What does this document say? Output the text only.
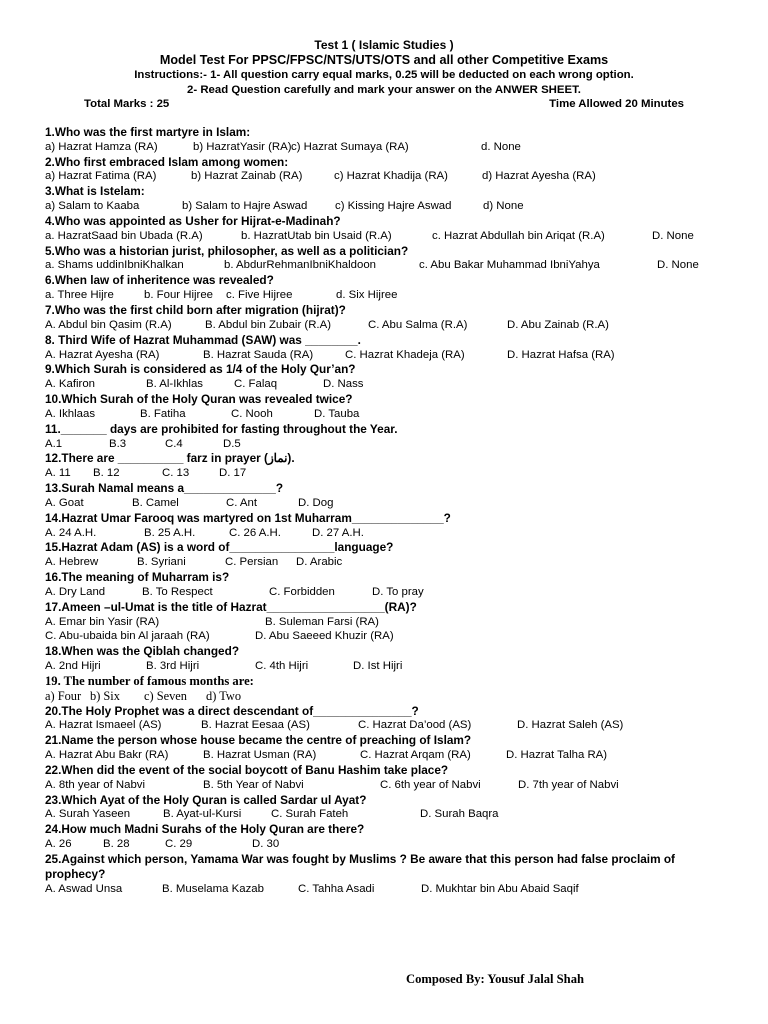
Test 1 ( Islamic Studies )
Model Test For PPSC/FPSC/NTS/UTS/OTS and all other Competitive Exams
Instructions:- 1- All question carry equal marks, 0.25 will be deducted on each wrong option.
2- Read Question carefully and mark your answer on the ANWER SHEET.
Total Marks : 25	Time Allowed 20 Minutes
1.Who was the first martyre in Islam:
a) Hazrat Hamza (RA)	b) HazratYasir (RA) c) Hazrat Sumaya (RA)	d. None
2.Who first embraced Islam among women:
a) Hazrat Fatima (RA)	b) Hazrat Zainab (RA)	c) Hazrat Khadija (RA)	d) Hazrat Ayesha (RA)
3.What is Istelam:
a) Salam to Kaaba	b) Salam to Hajre Aswad c) Kissing Hajre Aswad	d) None
4.Who was appointed as Usher for Hijrat-e-Madinah?
a. HazratSaad bin Ubada (R.A)	b. HazratUtab bin Usaid (R.A)	c. Hazrat Abdullah bin Ariqat (R.A)	D. None
5.Who was a historian jurist, philosopher, as well as a politician?
a. Shams uddinIbniKhalkan	b. AbdurRehmanIbniKhaldoon	c. Abu Bakar Muhammad IbniYahya	D. None
6.When law of inheritence was revealed?
a. Three Hijre	b. Four Hijree c. Five Hijree	d. Six Hijree
7.Who was the first child born after migration (hijrat)?
A. Abdul bin Qasim (R.A)	B. Abdul bin Zubair (R.A)	C. Abu Salma (R.A)	D. Abu Zainab (R.A)
8. Third Wife of Hazrat Muhammad (SAW) was ________.
A. Hazrat Ayesha (RA)	B. Hazrat Sauda (RA)	C. Hazrat Khadeja (RA)	D. Hazrat Hafsa (RA)
9.Which Surah is considered as 1/4 of the Holy Qur’an?
A. Kafiron	B. Al-Ikhlas	C. Falaq	D. Nass
10.Which Surah of the Holy Quran was revealed twice?
A. Ikhlaas	B. Fatiha	C. Nooh	D. Tauba
11._______ days are prohibited for fasting throughout the Year.
A.1	B.3	C.4	D.5
12.There are __________ farz in prayer (نماز).
A. 11 B. 12	C. 13	D. 17
13.Surah Namal means a______________?
A. Goat	B. Camel	C. Ant	D. Dog
14.Hazrat Umar Farooq was martyred on 1st Muharram______________?
A. 24 A.H.	B. 25 A.H.	C. 26 A.H.	D. 27 A.H.
15.Hazrat Adam (AS) is a word of________________language?
A. Hebrew	B. Syriani	C. Persian D. Arabic
16.The meaning of Muharram is?
A. Dry Land	B. To Respect	C. Forbidden	D. To pray
17.Ameen –ul-Umat is the title of Hazrat__________________(RA)?
A. Emar bin Yasir (RA)	B. Suleman Farsi (RA)
C. Abu-ubaida bin Al jaraah (RA)	D. Abu Saeeed Khuzir (RA)
18.When was the Qiblah changed?
A. 2nd Hijri	B. 3rd Hijri	C. 4th Hijri	D. Ist Hijri
19. The number of famous months are:
a) Four b) Six c) Seven d) Two
20.The Holy Prophet was a direct descendant of_______________?
A. Hazrat Ismaeel (AS)	B. Hazrat Eesaa (AS)	C. Hazrat Da’ood (AS)	D. Hazrat Saleh (AS)
21.Name the person whose house became the centre of preaching of Islam?
A. Hazrat Abu Bakr (RA)	B. Hazrat Usman (RA)	C. Hazrat Arqam (RA)	D. Hazrat Talha RA)
22.When did the event of the social boycott of Banu Hashim take place?
A. 8th year of Nabvi	B. 5th Year of Nabvi	C. 6th year of Nabvi	D. 7th year of Nabvi
23.Which Ayat of the Holy Quran is called Sardar ul Ayat?
A. Surah Yaseen	B. Ayat-ul-Kursi	C. Surah Fateh	D. Surah Baqra
24.How much Madni Surahs of the Holy Quran are there?
A. 26	B. 28	C. 29	D. 30
25.Against which person, Yamama War was fought by Muslims ? Be aware that this person had false proclaim of prophecy?
A. Aswad Unsa	B. Muselama Kazab	C. Tahha Asadi	D. Mukhtar bin Abu Abaid Saqif
Composed By: Yousuf Jalal Shah
